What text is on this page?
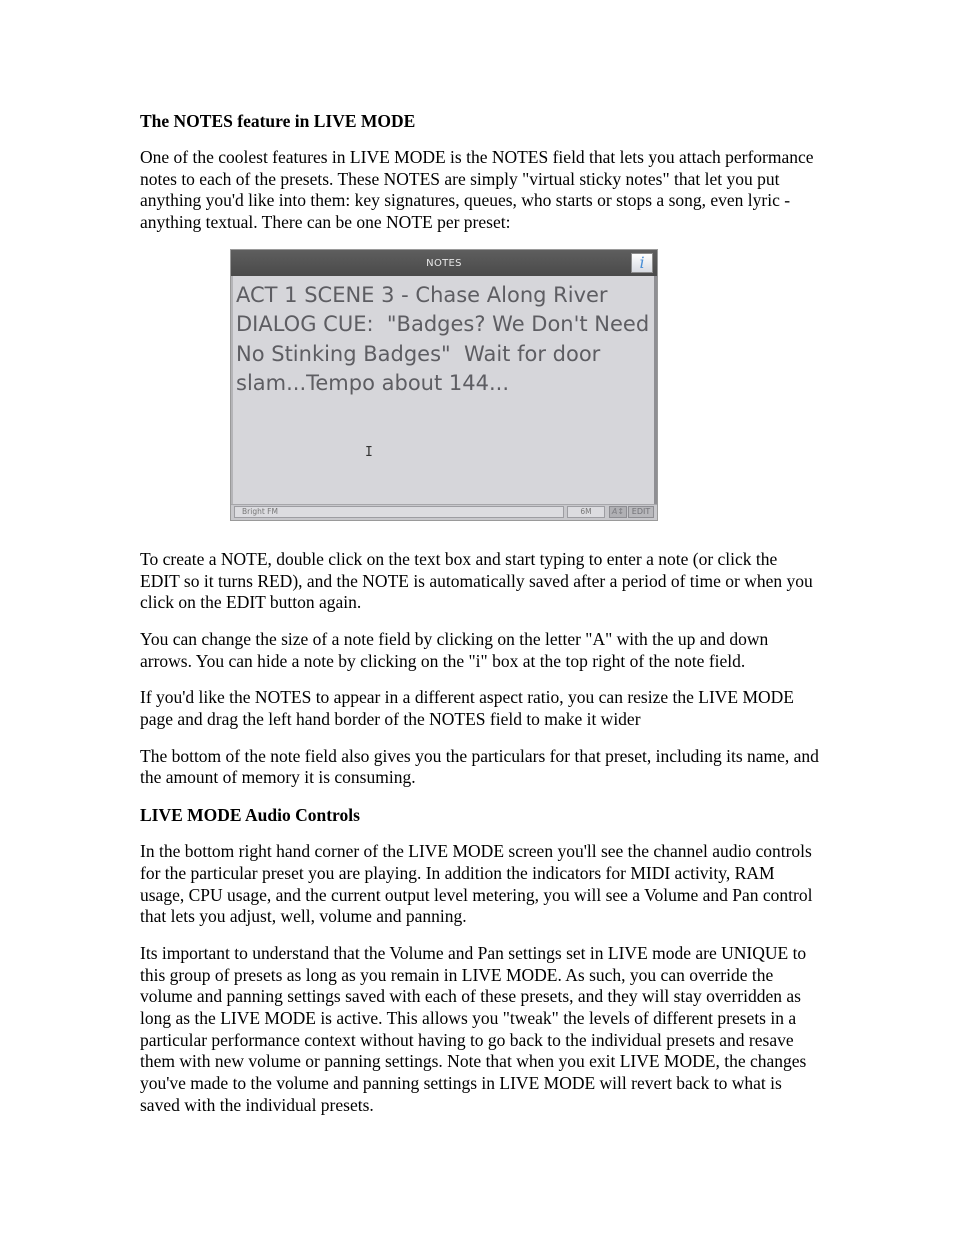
The NOTES feature in LIVE MODE

One of the coolest features in LIVE MODE is the NOTES field that lets you attach performance notes to each of the presets. These NOTES are simply "virtual sticky notes" that let you put anything you'd like into them: key signatures, queues, who starts or stops a song, even lyric - anything textual. There can be one NOTE per preset:

NOTES	i
ACT 1 SCENE 3 - Chase Along River
DIALOG CUE:  "Badges? We Don't Need
No Stinking Badges"  Wait for door
slam...Tempo about 144...
I
Bright FM	6M	A↕ EDIT

To create a NOTE, double click on the text box and start typing to enter a note (or click the EDIT so it turns RED), and the NOTE is automatically saved after a period of time or when you click on the EDIT button again.

You can change the size of a note field by clicking on the letter "A" with the up and down arrows. You can hide a note by clicking on the "i" box at the top right of the note field.

If you'd like the NOTES to appear in a different aspect ratio, you can resize the LIVE MODE page and drag the left hand border of the NOTES field to make it wider

The bottom of the note field also gives you the particulars for that preset, including its name, and the amount of memory it is consuming.

LIVE MODE Audio Controls

In the bottom right hand corner of the LIVE MODE screen you'll see the channel audio controls for the particular preset you are playing. In addition the indicators for MIDI activity, RAM usage, CPU usage, and the current output level metering, you will see a Volume and Pan control that lets you adjust, well, volume and panning.

Its important to understand that the Volume and Pan settings set in LIVE mode are UNIQUE to this group of presets as long as you remain in LIVE MODE. As such, you can override the volume and panning settings saved with each of these presets, and they will stay overridden as long as the LIVE MODE is active. This allows you "tweak" the levels of different presets in a particular performance context without having to go back to the individual presets and resave them with new volume or panning settings. Note that when you exit LIVE MODE, the changes you've made to the volume and panning settings in LIVE MODE will revert back to what is saved with the individual presets.
